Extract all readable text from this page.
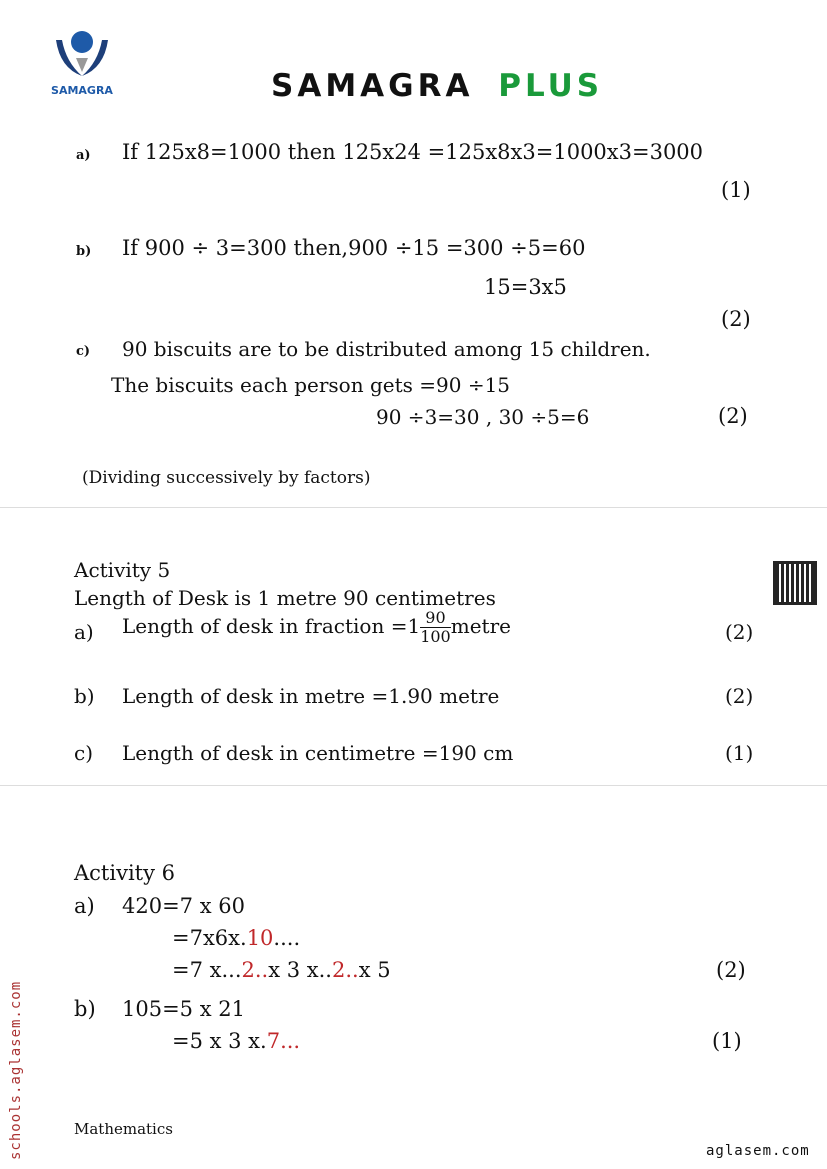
SAMAGRA	SAMAGRA PLUS
a) If 125x8=1000 then 125x24 =125x8x3=1000x3=3000
(1)
b) If 900 ÷ 3=300 then,900 ÷15 =300 ÷5=60
15=3x5
(2)
c) 90 biscuits are to be distributed among 15 children.
The biscuits each person gets =90 ÷15
90 ÷3=30 , 30 ÷5=6	(2)
(Dividing successively by factors)
Activity 5
Length of Desk is 1 metre 90 centimetres
a) Length of desk in fraction $=1 \frac{90}{100}$ metre	(2)
b) Length of desk in metre =1.90 metre	(2)
c) Length of desk in centimetre =190 cm	(1)
Activity 6
a) 420=7 x 60
=7x6x.10....
=7 x...2..x 3 x..2..x 5	(2)
b) 105=5 x 21
=5 x 3 x.7...	(1)
Mathematics
aglasem.com
schools.aglasem.com
